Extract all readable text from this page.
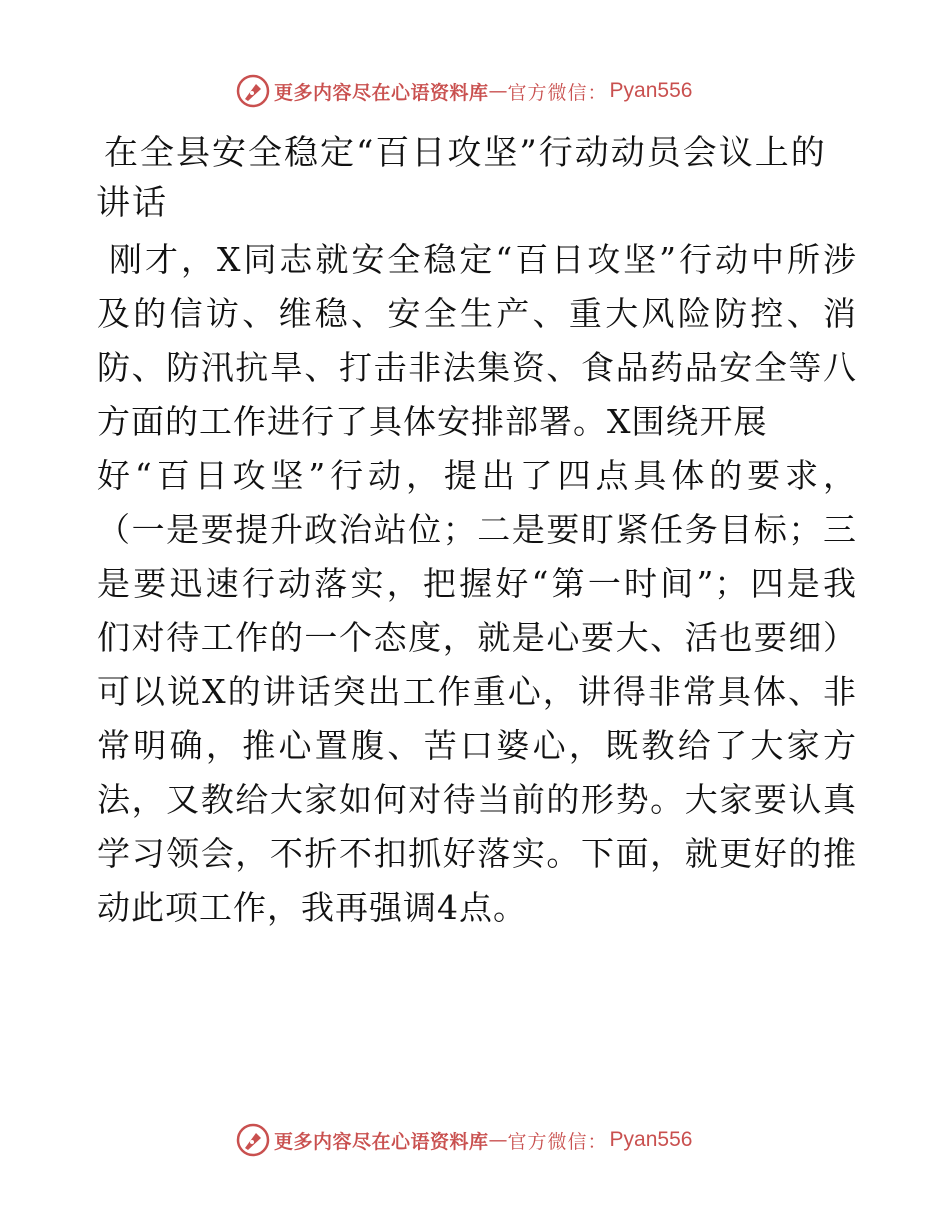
更多内容尽在心语资料库 — 官方微信： Pyan556
在全县安全稳定“百日攻坚”行动动员会议上的
讲话
刚才，X同志就安全稳定“百日攻坚”行动中所涉
及的信访、维稳、安全生产、重大风险防控、消
防、防汛抗旱、打击非法集资、食品药品安全等八
方面的工作进行了具体安排部署。X围绕开展
好“百日攻坚”行动，提出了四点具体的要求，
（一是要提升政治站位；二是要盯紧任务目标；三
是要迅速行动落实，把握好“第一时间”；四是我
们对待工作的一个态度，就是心要大、活也要细）
可以说X的讲话突出工作重心，讲得非常具体、非
常明确，推心置腹、苦口婆心，既教给了大家方
法，又教给大家如何对待当前的形势。大家要认真
学习领会，不折不扣抓好落实。下面，就更好的推
动此项工作，我再强调4点。
更多内容尽在心语资料库 — 官方微信： Pyan556
